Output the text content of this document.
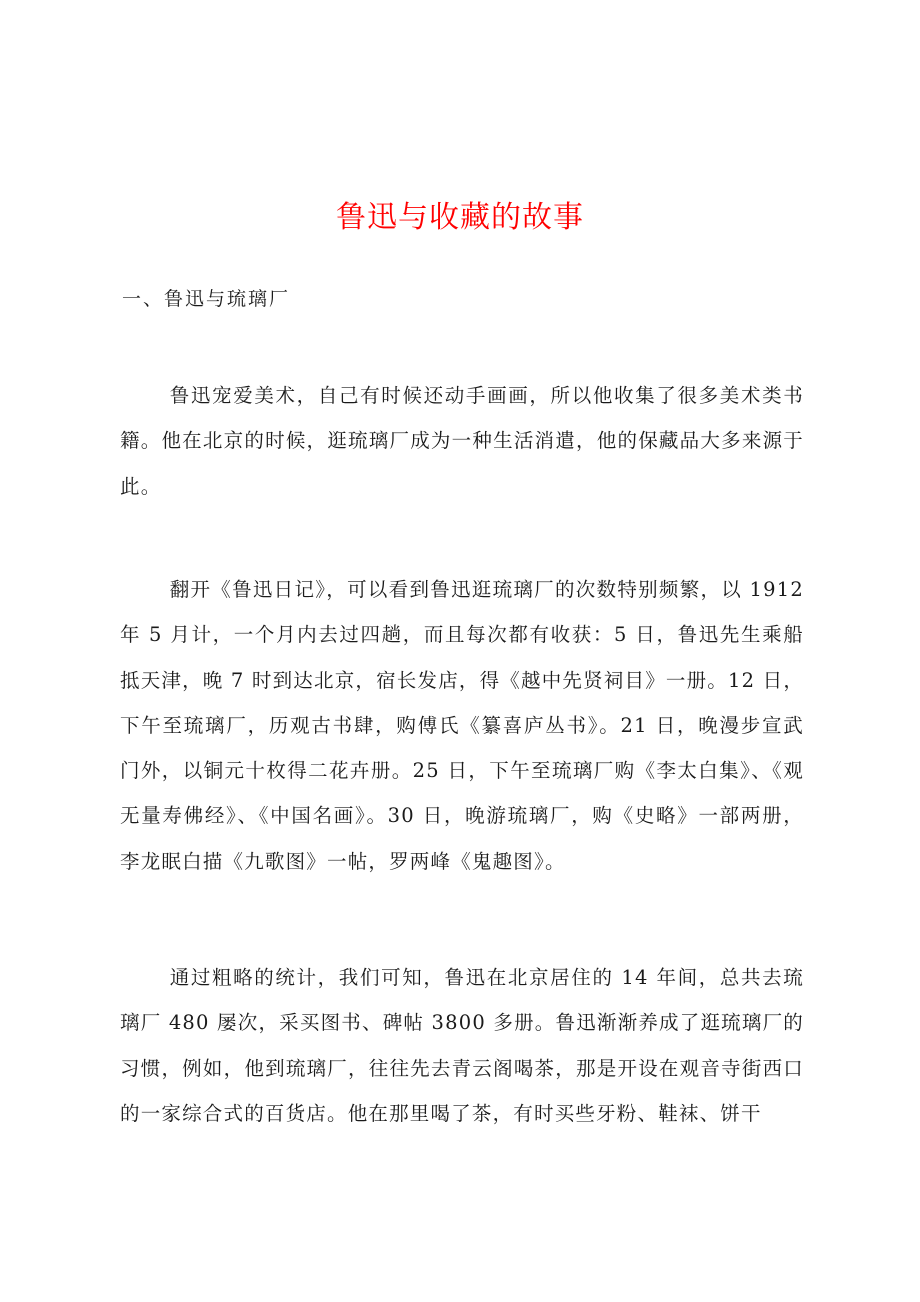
鲁迅与收藏的故事
一、鲁迅与琉璃厂

鲁迅宠爱美术，自己有时候还动手画画，所以他收集了很多美术类书籍。他在北京的时候，逛琉璃厂成为一种生活消遣，他的保藏品大多来源于此。

翻开《鲁迅日记》，可以看到鲁迅逛琉璃厂的次数特别频繁，以 1912 年 5 月计，一个月内去过四趟，而且每次都有收获：5 日，鲁迅先生乘船抵天津，晚 7 时到达北京，宿长发店，得《越中先贤祠目》一册。12 日，下午至琉璃厂，历观古书肆，购傅氏《纂喜庐丛书》。21 日，晚漫步宣武门外，以铜元十枚得二花卉册。25 日，下午至琉璃厂购《李太白集》、《观无量寿佛经》、《中国名画》。30 日，晚游琉璃厂，购《史略》一部两册，李龙眠白描《九歌图》一帖，罗两峰《鬼趣图》。

通过粗略的统计，我们可知，鲁迅在北京居住的 14 年间，总共去琉璃厂 480 屡次，采买图书、碑帖 3800 多册。鲁迅渐渐养成了逛琉璃厂的习惯，例如，他到琉璃厂，往往先去青云阁喝茶，那是开设在观音寺街西口的一家综合式的百货店。他在那里喝了茶，有时买些牙粉、鞋袜、饼干
